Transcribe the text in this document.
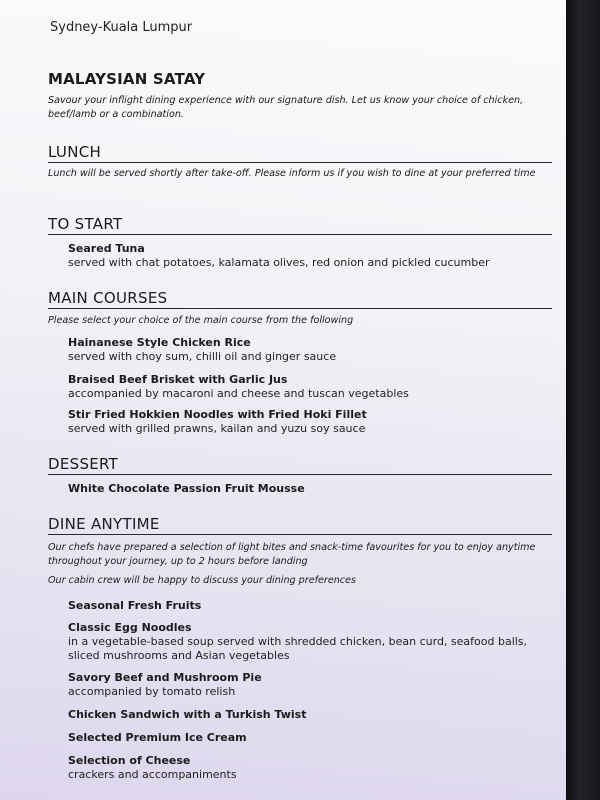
Sydney-Kuala Lumpur
MALAYSIAN SATAY
Savour your inflight dining experience with our signature dish. Let us know your choice of chicken, beef/lamb or a combination.
LUNCH
Lunch will be served shortly after take-off. Please inform us if you wish to dine at your preferred time
TO START
Seared Tuna
served with chat potatoes, kalamata olives, red onion and pickled cucumber
MAIN COURSES
Please select your choice of the main course from the following
Hainanese Style Chicken Rice
served with choy sum, chilli oil and ginger sauce
Braised Beef Brisket with Garlic Jus
accompanied by macaroni and cheese and tuscan vegetables
Stir Fried Hokkien Noodles with Fried Hoki Fillet
served with grilled prawns, kailan and yuzu soy sauce
DESSERT
White Chocolate Passion Fruit Mousse
DINE ANYTIME
Our chefs have prepared a selection of light bites and snack-time favourites for you to enjoy anytime throughout your journey, up to 2 hours before landing
Our cabin crew will be happy to discuss your dining preferences
Seasonal Fresh Fruits
Classic Egg Noodles
in a vegetable-based soup served with shredded chicken, bean curd, seafood balls, sliced mushrooms and Asian vegetables
Savory Beef and Mushroom Pie
accompanied by tomato relish
Chicken Sandwich with a Turkish Twist
Selected Premium Ice Cream
Selection of Cheese
crackers and accompaniments
